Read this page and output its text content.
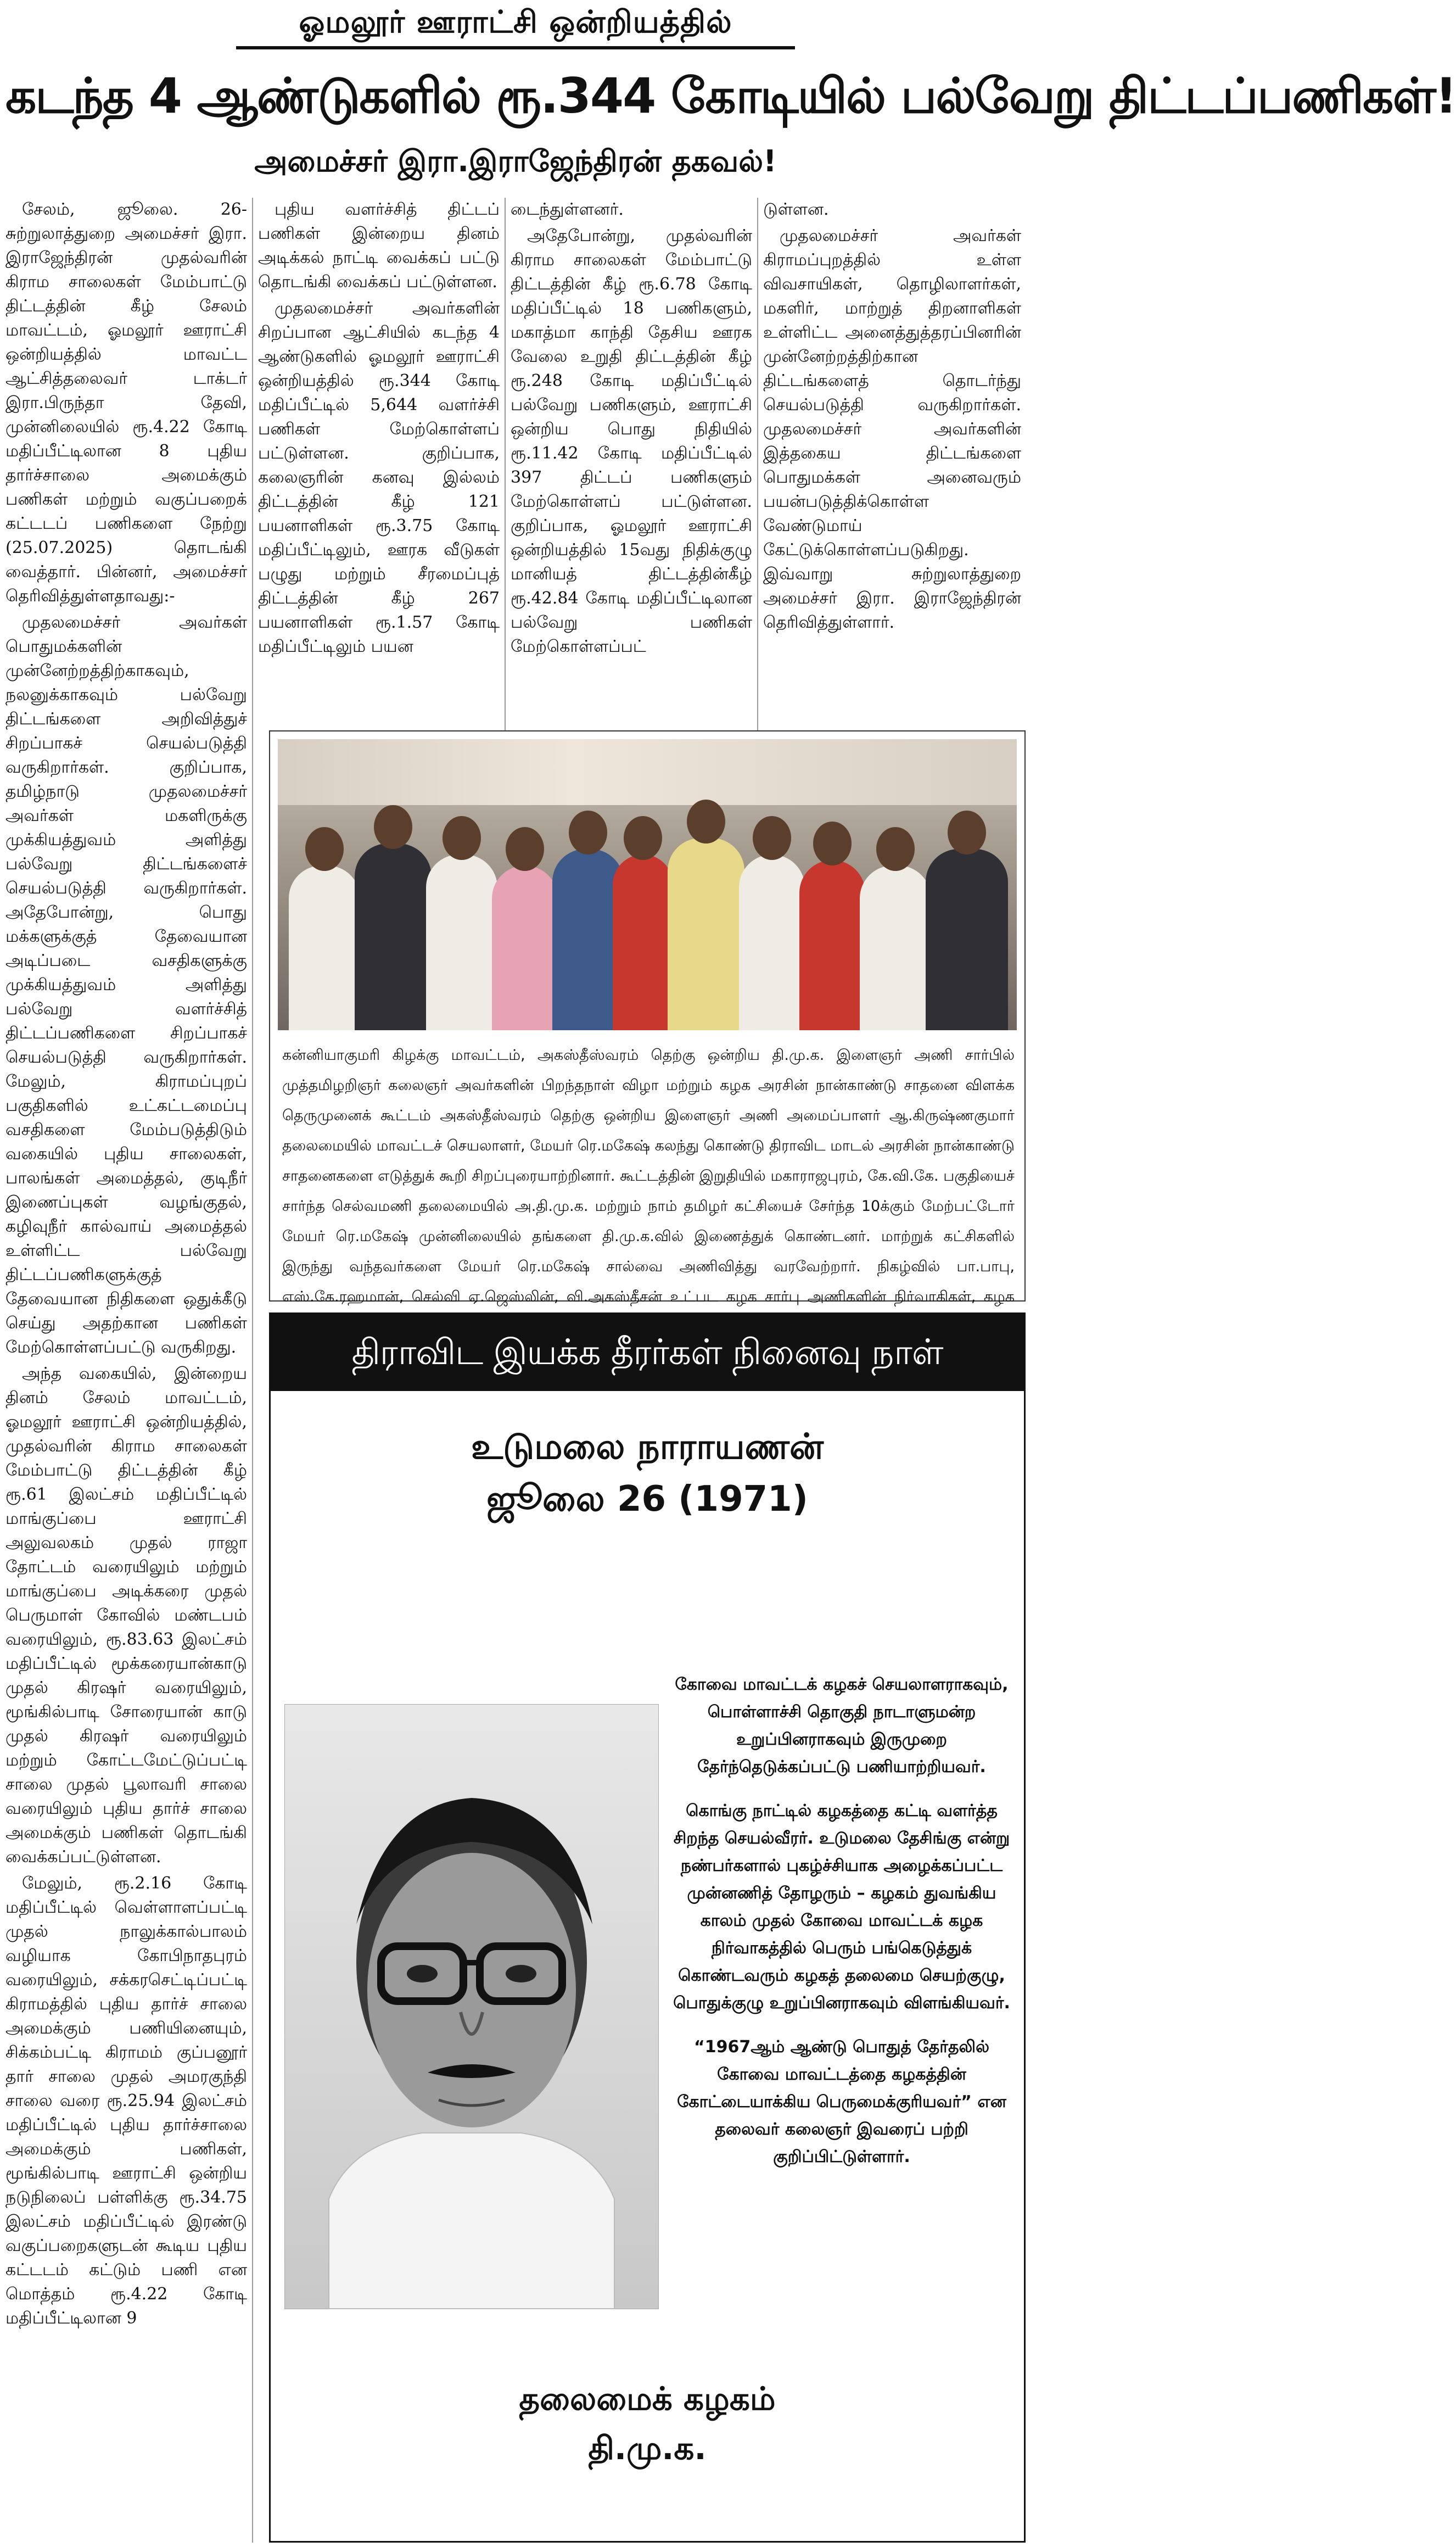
ஓமலூர் ஊராட்சி ஒன்றியத்தில்
கடந்த 4 ஆண்டுகளில் ரூ.344 கோடியில் பல்வேறு திட்டப்பணிகள்!
அமைச்சர் இரா.இராஜேந்திரன் தகவல்!

சேலம், ஜூலை. 26- சுற்றுலாத்துறை அமைச்சர் இரா. இராஜேந்திரன் முதல்வரின் கிராம சாலைகள் மேம்பாட்டு திட்டத்தின் கீழ் சேலம் மாவட்டம், ஓமலூர் ஊராட்சி ஒன்றியத்தில் மாவட்ட ஆட்சித்தலைவர் டாக்டர் இரா.பிருந்தா தேவி, முன்னிலையில் ரூ.4.22 கோடி மதிப்பீட்டிலான 8 புதிய தார்ச்சாலை அமைக்கும் பணிகள் மற்றும் வகுப்பறைக் கட்டடப் பணிகளை நேற்று (25.07.2025) தொடங்கி வைத்தார். பின்னர், அமைச்சர் தெரிவித்துள்ளதாவது:-

முதலமைச்சர் அவர்கள் பொதுமக்களின் முன்னேற்றத்திற்காகவும், நலனுக்காகவும் பல்வேறு திட்டங்களை அறிவித்துச் சிறப்பாகச் செயல்படுத்தி வருகிறார்கள். குறிப்பாக, தமிழ்நாடு முதலமைச்சர் அவர்கள் மகளிருக்கு முக்கியத்துவம் அளித்து பல்வேறு திட்டங்களைச் செயல்படுத்தி வருகிறார்கள். அதேபோன்று, பொது மக்களுக்குத் தேவையான அடிப்படை வசதிகளுக்கு முக்கியத்துவம் அளித்து பல்வேறு வளர்ச்சித் திட்டப்பணிகளை சிறப்பாகச் செயல்படுத்தி வருகிறார்கள். மேலும், கிராமப்புறப் பகுதிகளில் உட்கட்டமைப்பு வசதிகளை மேம்படுத்திடும் வகையில் புதிய சாலைகள், பாலங்கள் அமைத்தல், குடிநீர் இணைப்புகள் வழங்குதல், கழிவுநீர் கால்வாய் அமைத்தல் உள்ளிட்ட பல்வேறு திட்டப்பணிகளுக்குத் தேவையான நிதிகளை ஒதுக்கீடு செய்து அதற்கான பணிகள் மேற்கொள்ளப்பட்டு வருகிறது.

அந்த வகையில், இன்றைய தினம் சேலம் மாவட்டம், ஓமலூர் ஊராட்சி ஒன்றியத்தில், முதல்வரின் கிராம சாலைகள் மேம்பாட்டு திட்டத்தின் கீழ் ரூ.61 இலட்சம் மதிப்பீட்டில் மாங்குப்பை ஊராட்சி அலுவலகம் முதல் ராஜா தோட்டம் வரையிலும் மற்றும் மாங்குப்பை அடிக்கரை முதல் பெருமாள் கோவில் மண்டபம் வரையிலும், ரூ.83.63 இலட்சம் மதிப்பீட்டில் மூக்கரையான்காடு முதல் கிரஷர் வரையிலும், மூங்கில்பாடி சோரையான் காடு முதல் கிரஷர் வரையிலும் மற்றும் கோட்டமேட்டுப்பட்டி சாலை முதல் பூலாவரி சாலை வரையிலும் புதிய தார்ச் சாலை அமைக்கும் பணிகள் தொடங்கி வைக்கப்பட்டுள்ளன.

மேலும், ரூ.2.16 கோடி மதிப்பீட்டில் வெள்ளாளப்பட்டி முதல் நாலுக்கால்பாலம் வழியாக கோபிநாதபுரம் வரையிலும், சக்கரசெட்டிப்பட்டி கிராமத்தில் புதிய தார்ச் சாலை அமைக்கும் பணியினையும், சிக்கம்பட்டி கிராமம் குப்பனூர் தார் சாலை முதல் அமரகுந்தி சாலை வரை ரூ.25.94 இலட்சம் மதிப்பீட்டில் புதிய தார்ச்சாலை அமைக்கும் பணிகள், மூங்கில்பாடி ஊராட்சி ஒன்றிய நடுநிலைப் பள்ளிக்கு ரூ.34.75 இலட்சம் மதிப்பீட்டில் இரண்டு வகுப்பறைகளுடன் கூடிய புதிய கட்டடம் கட்டும் பணி என மொத்தம் ரூ.4.22 கோடி மதிப்பீட்டிலான 9

புதிய வளர்ச்சித் திட்டப் பணிகள் இன்றைய தினம் அடிக்கல் நாட்டி வைக்கப் பட்டு தொடங்கி வைக்கப் பட்டுள்ளன.

முதலமைச்சர் அவர்களின் சிறப்பான ஆட்சியில் கடந்த 4 ஆண்டுகளில் ஓமலூர் ஊராட்சி ஒன்றியத்தில் ரூ.344 கோடி மதிப்பீட்டில் 5,644 வளர்ச்சி பணிகள் மேற்கொள்ளப் பட்டுள்ளன. குறிப்பாக, கலைஞரின் கனவு இல்லம் திட்டத்தின் கீழ் 121 பயனாளிகள் ரூ.3.75 கோடி மதிப்பீட்டிலும், ஊரக வீடுகள் பழுது மற்றும் சீரமைப்புத் திட்டத்தின் கீழ் 267 பயனாளிகள் ரூ.1.57 கோடி மதிப்பீட்டிலும் பயன

டைந்துள்ளனர்.

அதேபோன்று, முதல்வரின் கிராம சாலைகள் மேம்பாட்டு திட்டத்தின் கீழ் ரூ.6.78 கோடி மதிப்பீட்டில் 18 பணிகளும், மகாத்மா காந்தி தேசிய ஊரக வேலை உறுதி திட்டத்தின் கீழ் ரூ.248 கோடி மதிப்பீட்டில் பல்வேறு பணிகளும், ஊராட்சி ஒன்றிய பொது நிதியில் ரூ.11.42 கோடி மதிப்பீட்டில் 397 திட்டப் பணிகளும் மேற்கொள்ளப் பட்டுள்ளன. குறிப்பாக, ஓமலூர் ஊராட்சி ஒன்றியத்தில் 15வது நிதிக்குழு மானியத் திட்டத்தின்கீழ் ரூ.42.84 கோடி மதிப்பீட்டிலான பல்வேறு பணிகள் மேற்கொள்ளப்பட்

டுள்ளன.

முதலமைச்சர் அவர்கள் கிராமப்புறத்தில் உள்ள விவசாயிகள், தொழிலாளர்கள், மகளிர், மாற்றுத் திறனாளிகள் உள்ளிட்ட அனைத்துத்தரப்பினரின் முன்னேற்றத்திற்கான திட்டங்களைத் தொடர்ந்து செயல்படுத்தி வருகிறார்கள். முதலமைச்சர் அவர்களின் இத்தகைய திட்டங்களை பொதுமக்கள் அனைவரும் பயன்படுத்திக்கொள்ள வேண்டுமாய் கேட்டுக்கொள்ளப்படுகிறது. இவ்வாறு சுற்றுலாத்துறை அமைச்சர் இரா. இராஜேந்திரன் தெரிவித்துள்ளார்.

கன்னியாகுமரி கிழக்கு மாவட்டம், அகஸ்தீஸ்வரம் தெற்கு ஒன்றிய தி.மு.க. இளைஞர் அணி சார்பில் முத்தமிழறிஞர் கலைஞர் அவர்களின் பிறந்தநாள் விழா மற்றும் கழக அரசின் நான்காண்டு சாதனை விளக்க தெருமுனைக் கூட்டம் அகஸ்தீஸ்வரம் தெற்கு ஒன்றிய இளைஞர் அணி அமைப்பாளர் ஆ.கிருஷ்ணகுமார் தலைமையில் மாவட்டச் செயலாளர், மேயர் ரெ.மகேஷ் கலந்து கொண்டு திராவிட மாடல் அரசின் நான்காண்டு சாதனைகளை எடுத்துக் கூறி சிறப்புரையாற்றினார். கூட்டத்தின் இறுதியில் மகாராஜபுரம், கே.வி.கே. பகுதியைச் சார்ந்த செல்வமணி தலைமையில் அ.தி.மு.க. மற்றும் நாம் தமிழர் கட்சியைச் சேர்ந்த 10க்கும் மேற்பட்டோர் மேயர் ரெ.மகேஷ் முன்னிலையில் தங்களை தி.மு.க.வில் இணைத்துக் கொண்டனர். மாற்றுக் கட்சிகளில் இருந்து வந்தவர்களை மேயர் ரெ.மகேஷ் சால்வை அணிவித்து வரவேற்றார். நிகழ்வில் பா.பாபு, எஸ்.கே.ரஹமான், செல்வி ஏ.ஜெஸ்லின், வி.அகஸ்தீசன் உட்பட கழக சார்பு அணிகளின் நிர்வாகிகள், கழக
திராவிட இயக்க தீரர்கள் நினைவு நாள்
உடுமலை நாராயணன்
ஜூலை 26 (1971)

கோவை மாவட்டக் கழகச் செயலாளராகவும், பொள்ளாச்சி தொகுதி நாடாளுமன்ற உறுப்பினராகவும் இருமுறை தேர்ந்தெடுக்கப்பட்டு பணியாற்றியவர்.

கொங்கு நாட்டில் கழகத்தை கட்டி வளர்த்த சிறந்த செயல்வீரர். உடுமலை தேசிங்கு என்று நண்பர்களால் புகழ்ச்சியாக அழைக்கப்பட்ட முன்னணித் தோழரும் – கழகம் துவங்கிய காலம் முதல் கோவை மாவட்டக் கழக நிர்வாகத்தில் பெரும் பங்கெடுத்துக் கொண்டவரும் கழகத் தலைமை செயற்குழு, பொதுக்குழு உறுப்பினராகவும் விளங்கியவர்.

“1967ஆம் ஆண்டு பொதுத் தேர்தலில் கோவை மாவட்டத்தை கழகத்தின் கோட்டையாக்கிய பெருமைக்குரியவர்” என தலைவர் கலைஞர் இவரைப் பற்றி குறிப்பிட்டுள்ளார்.

தலைமைக் கழகம்
தி.மு.க.
